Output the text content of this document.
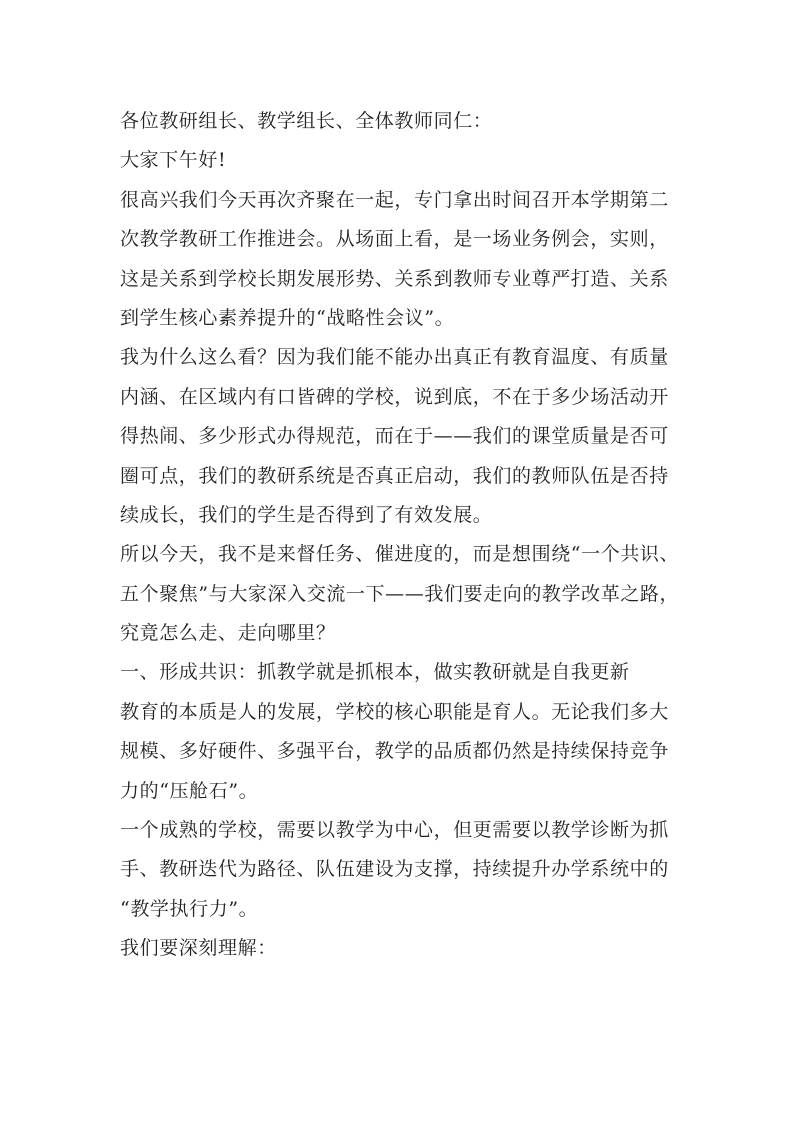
各位教研组长、教学组长、全体教师同仁：
大家下午好!
很高兴我们今天再次齐聚在一起，专门拿出时间召开本学期第二
次教学教研工作推进会。从场面上看，是一场业务例会，实则，
这是关系到学校长期发展形势、关系到教师专业尊严打造、关系
到学生核心素养提升的“战略性会议”。
我为什么这么看？因为我们能不能办出真正有教育温度、有质量
内涵、在区域内有口皆碑的学校，说到底，不在于多少场活动开
得热闹、多少形式办得规范，而在于——我们的课堂质量是否可
圈可点，我们的教研系统是否真正启动，我们的教师队伍是否持
续成长，我们的学生是否得到了有效发展。
所以今天，我不是来督任务、催进度的，而是想围绕“一个共识、
五个聚焦”与大家深入交流一下——我们要走向的教学改革之路，
究竟怎么走、走向哪里？
一、形成共识：抓教学就是抓根本，做实教研就是自我更新
教育的本质是人的发展，学校的核心职能是育人。无论我们多大
规模、多好硬件、多强平台，教学的品质都仍然是持续保持竞争
力的“压舱石”。
一个成熟的学校，需要以教学为中心，但更需要以教学诊断为抓
手、教研迭代为路径、队伍建设为支撑，持续提升办学系统中的
“教学执行力”。
我们要深刻理解：
